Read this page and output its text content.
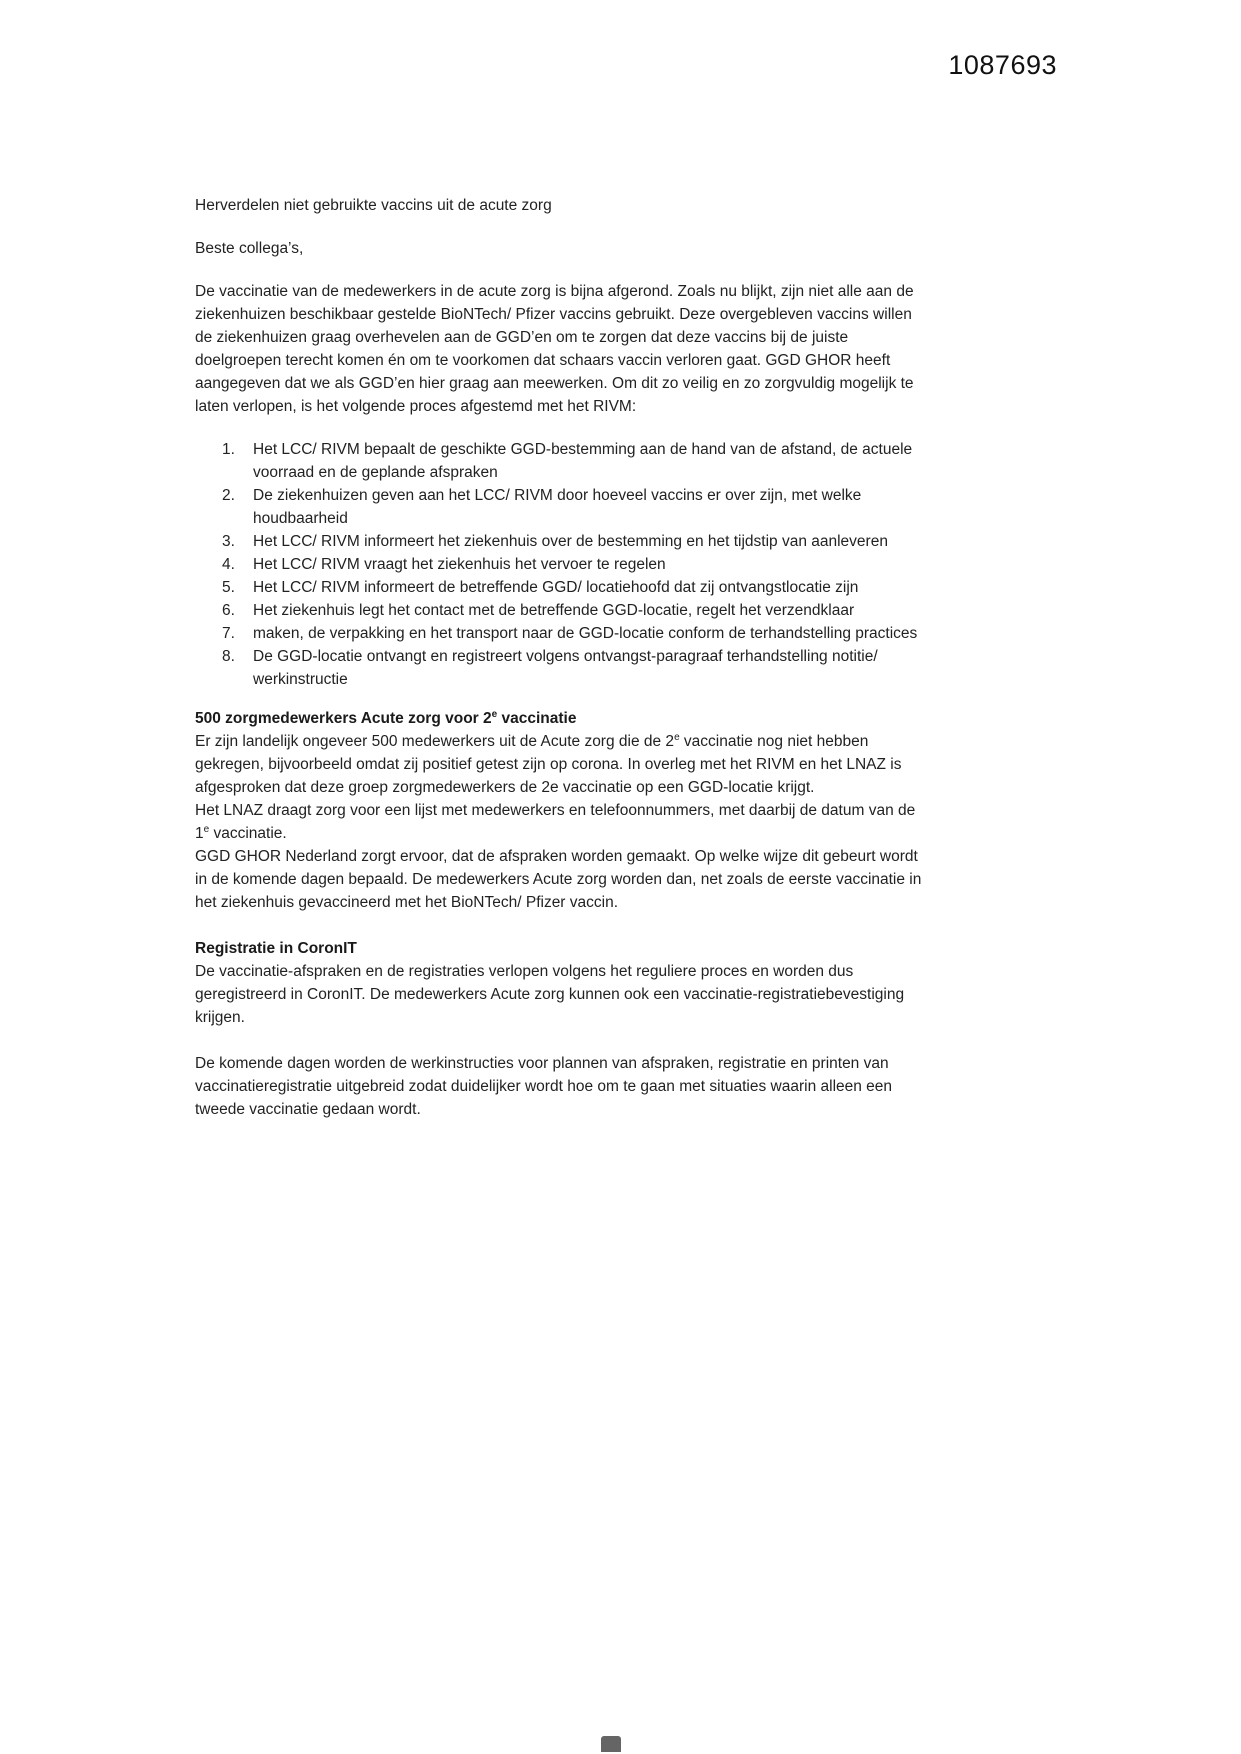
1087693

Herverdelen niet gebruikte vaccins uit de acute zorg

Beste collega’s,

De vaccinatie van de medewerkers in de acute zorg is bijna afgerond. Zoals nu blijkt, zijn niet alle aan de ziekenhuizen beschikbaar gestelde BioNTech/ Pfizer vaccins gebruikt. Deze overgebleven vaccins willen de ziekenhuizen graag overhevelen aan de GGD’en om te zorgen dat deze vaccins bij de juiste doelgroepen terecht komen én om te voorkomen dat schaars vaccin verloren gaat. GGD GHOR heeft aangegeven dat we als GGD’en hier graag aan meewerken. Om dit zo veilig en zo zorgvuldig mogelijk te laten verlopen, is het volgende proces afgestemd met het RIVM:

1.	Het LCC/ RIVM bepaalt de geschikte GGD-bestemming aan de hand van de afstand, de actuele voorraad en de geplande afspraken
2.	De ziekenhuizen geven aan het LCC/ RIVM door hoeveel vaccins er over zijn, met welke houdbaarheid
3.	Het LCC/ RIVM informeert het ziekenhuis over de bestemming en het tijdstip van aanleveren
4.	Het LCC/ RIVM vraagt het ziekenhuis het vervoer te regelen
5.	Het LCC/ RIVM informeert de betreffende GGD/ locatiehoofd dat zij ontvangstlocatie zijn
6.	Het ziekenhuis legt het contact met de betreffende GGD-locatie, regelt het verzendklaar
7.	maken, de verpakking en het transport naar de GGD-locatie conform de terhandstelling practices
8.	De GGD-locatie ontvangt en registreert volgens ontvangst-paragraaf terhandstelling notitie/ werkinstructie
500 zorgmedewerkers Acute zorg voor 2e vaccinatie

Er zijn landelijk ongeveer 500 medewerkers uit de Acute zorg die de 2e vaccinatie nog niet hebben gekregen, bijvoorbeeld omdat zij positief getest zijn op corona. In overleg met het RIVM en het LNAZ is afgesproken dat deze groep zorgmedewerkers de 2e vaccinatie op een GGD-locatie krijgt.

Het LNAZ draagt zorg voor een lijst met medewerkers en telefoonnummers, met daarbij de datum van de 1e vaccinatie.

GGD GHOR Nederland zorgt ervoor, dat de afspraken worden gemaakt. Op welke wijze dit gebeurt wordt in de komende dagen bepaald. De medewerkers Acute zorg worden dan, net zoals de eerste vaccinatie in het ziekenhuis gevaccineerd met het BioNTech/ Pfizer vaccin.

Registratie in CoronIT

De vaccinatie-afspraken en de registraties verlopen volgens het reguliere proces en worden dus geregistreerd in CoronIT. De medewerkers Acute zorg kunnen ook een vaccinatie-registratiebevestiging krijgen.

De komende dagen worden de werkinstructies voor plannen van afspraken, registratie en printen van vaccinatieregistratie uitgebreid zodat duidelijker wordt hoe om te gaan met situaties waarin alleen een tweede vaccinatie gedaan wordt.
